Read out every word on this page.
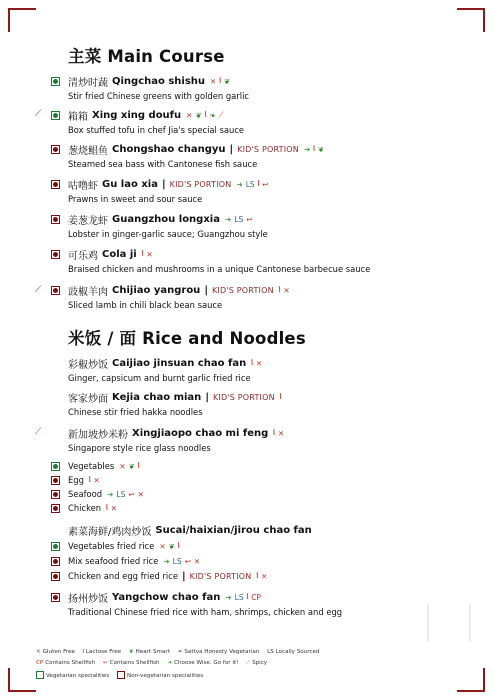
主菜 Main Course
清炒时蔬 Qingchao shishu ✕ ⦚ ❦
Stir fried Chinese greens with golden garlic
⟋	箱箱 Xing xing doufu ✕ ❦ ⦚ ❧ ⟋
Box stuffed tofu in chef Jia's special sauce
葱烧鲳鱼 Chongshao changyu | KID'S PORTION ➜ ⦚ ❦
Steamed sea bass with Cantonese fish sauce
咕噜虾 Gu lao xia | KID'S PORTION ➜ LS ⦚ ↩
Prawns in sweet and sour sauce
姜葱龙虾 Guangzhou longxia ➜ LS ↩
Lobster in ginger-garlic sauce; Guangzhou style
可乐鸡 Cola ji ⦚ ✕
Braised chicken and mushrooms in a unique Cantonese barbecue sauce
⟋	豉椒羊肉 Chijiao yangrou | KID'S PORTION ⦚ ✕
Sliced lamb in chili black bean sauce
米饭 / 面 Rice and Noodles
彩椒炒饭 Caijiao jinsuan chao fan ⦚ ✕
Ginger, capsicum and burnt garlic fried rice
客家炒面 Kejia chao mian | KID'S PORTION ⦚
Chinese stir fried hakka noodles
⟋	新加坡炒米粉 Xingjiaopo chao mi feng ⦚ ✕
Singapore style rice glass noodles
Vegetables ✕ ❦ ⦚
Egg ⦚ ✕
Seafood ➜ LS ↩ ✕
Chicken ⦚ ✕
素菜海鲜/鸡肉炒饭 Sucai/haixian/jirou chao fan
Vegetables fried rice ✕ ❦ ⦚
Mix seafood fried rice ➜ LS ↩ ✕
Chicken and egg fried rice | KID'S PORTION ⦚ ✕
扬州炒饭 Yangchow chao fan ➜ LS ⦚ CP
Traditional Chinese fried rice with ham, shrimps, chicken and egg
✕ Gluten Free ⦚ Lactose Free ❦ Heart Smart ❧ Sattva Honesty Vegetarian LS Locally Sourced
CP Contains Shellfish ↩ Contains Shellfish ➜ Choose Wise. Go for it! ⟋ Spicy
Vegetarian specialities	Non-vegetarian specialities
